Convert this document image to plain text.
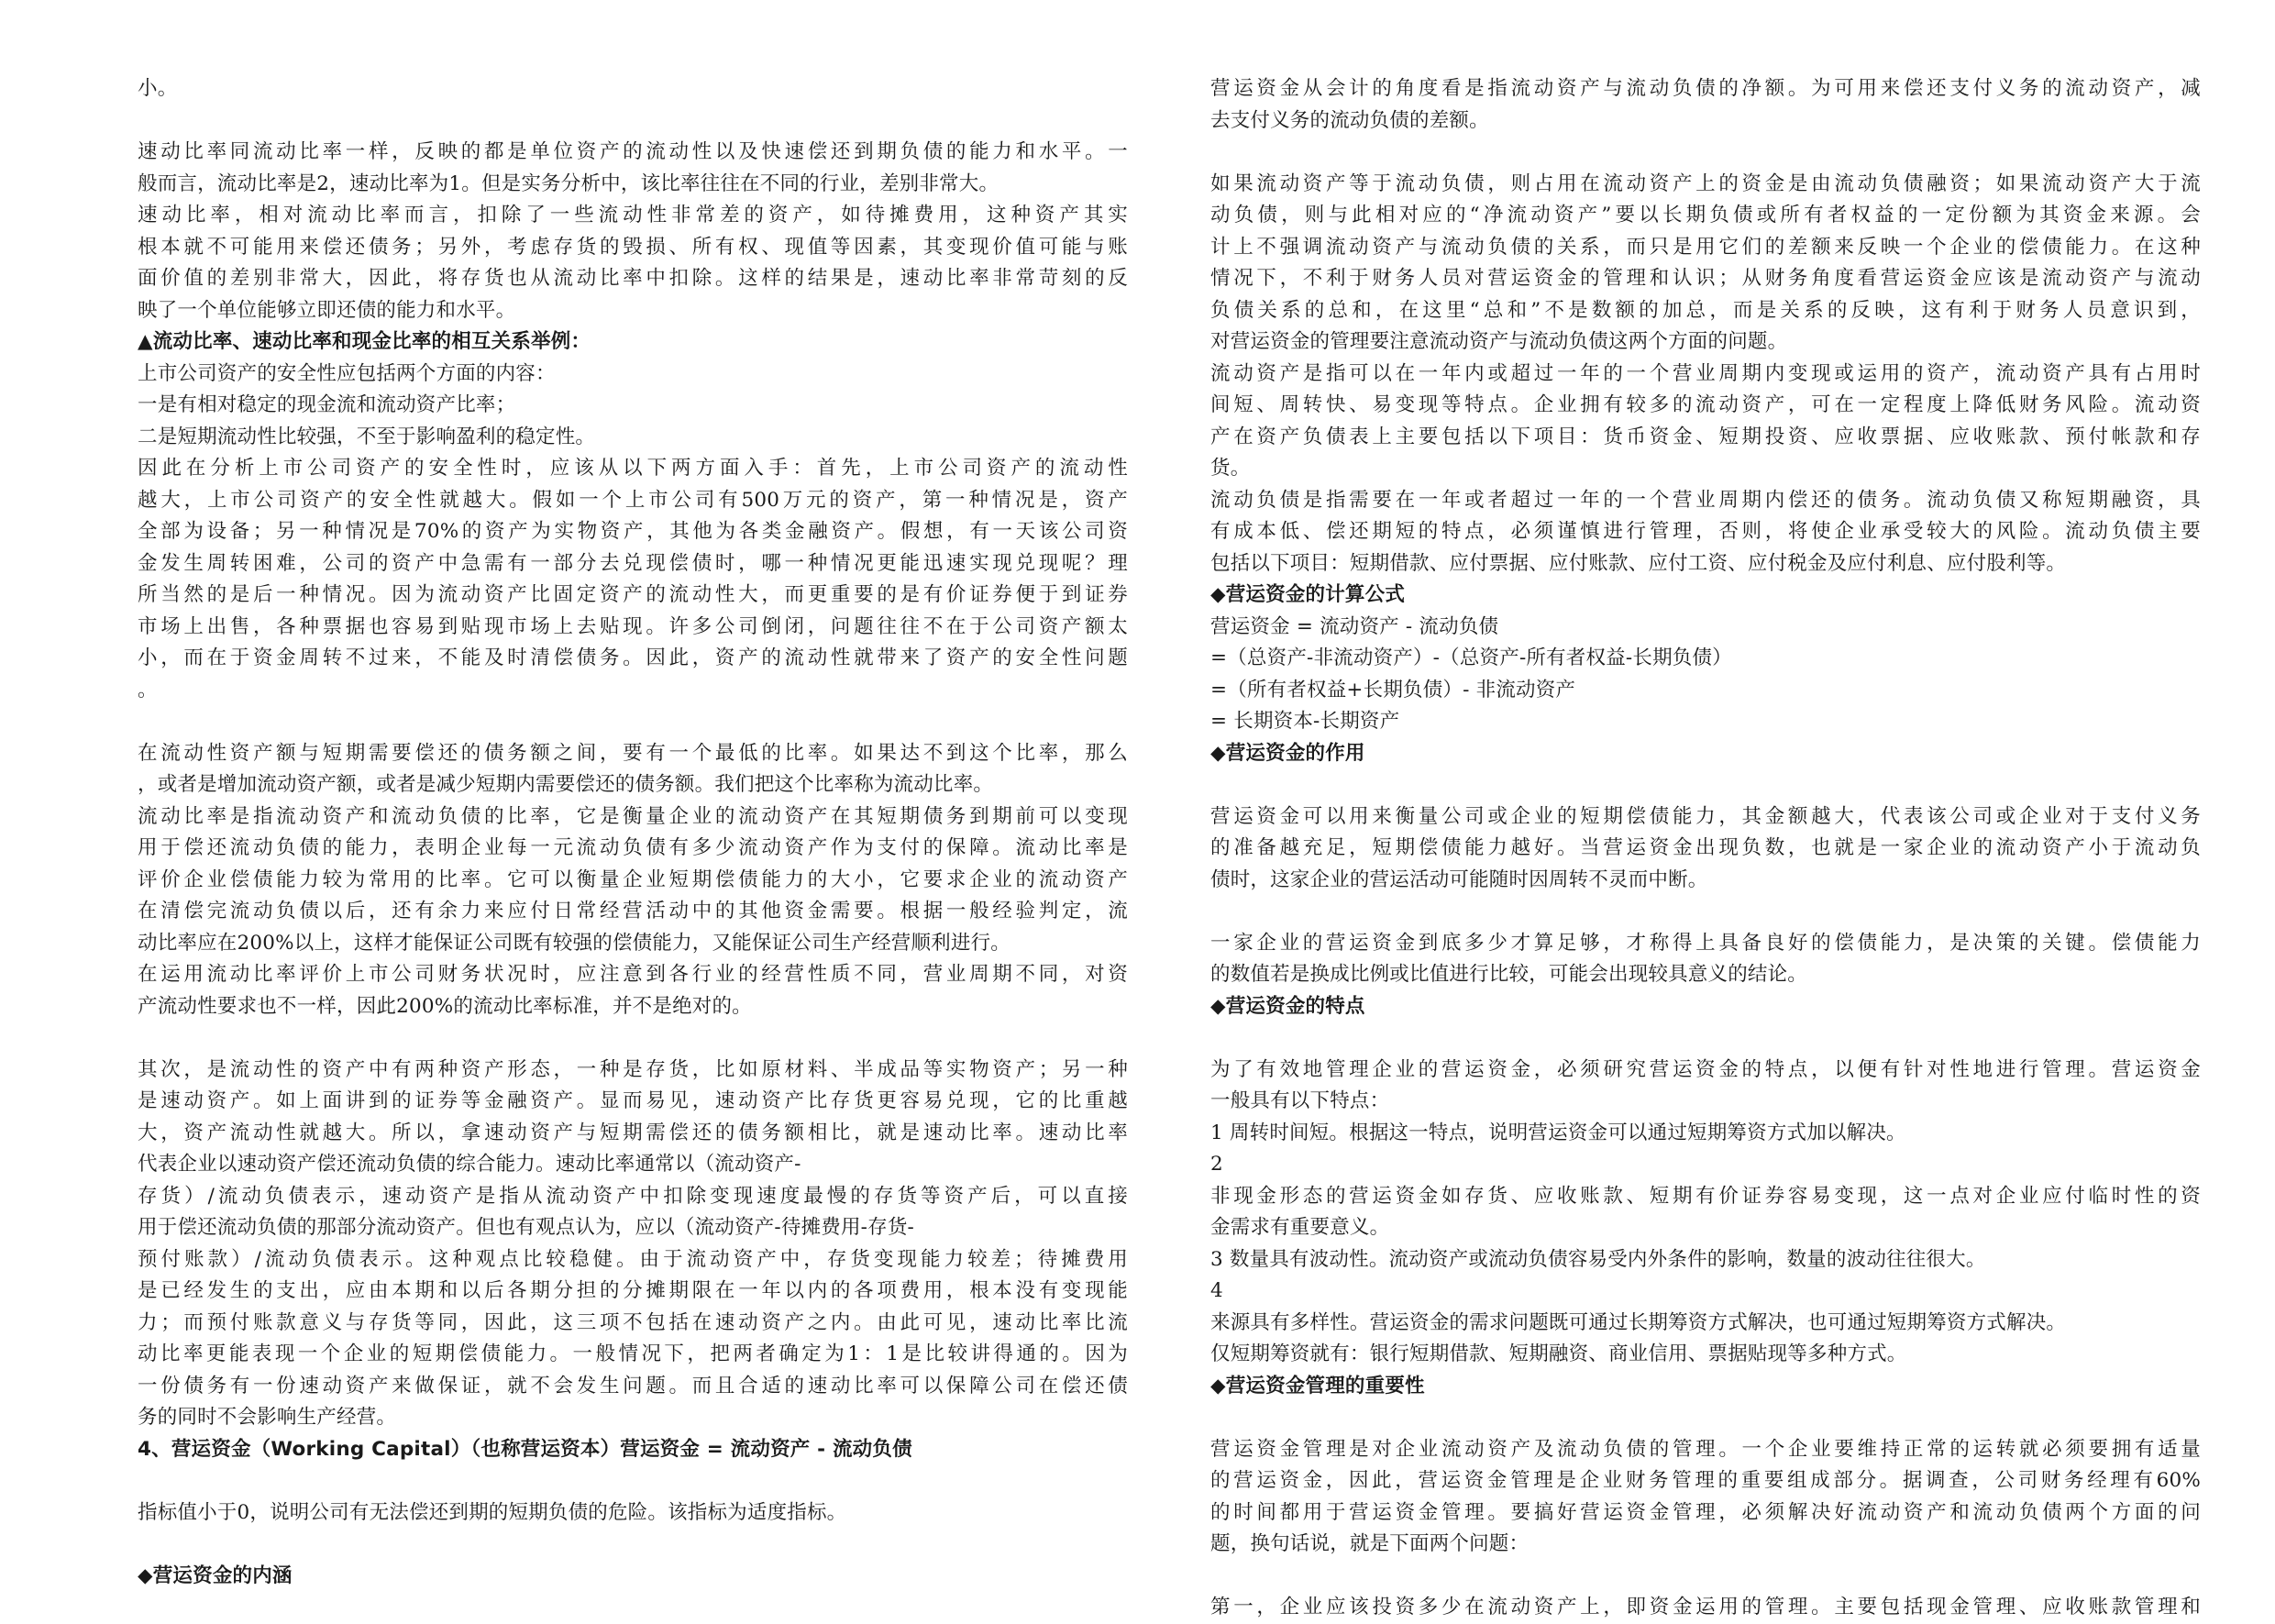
小。
速动比率同流动比率一样，反映的都是单位资产的流动性以及快速偿还到期负债的能力和水平。一
般而言，流动比率是2，速动比率为1。但是实务分析中，该比率往往在不同的行业，差别非常大。
速动比率，相对流动比率而言，扣除了一些流动性非常差的资产，如待摊费用，这种资产其实
根本就不可能用来偿还债务；另外，考虑存货的毁损、所有权、现值等因素，其变现价值可能与账
面价值的差别非常大，因此，将存货也从流动比率中扣除。这样的结果是，速动比率非常苛刻的反
映了一个单位能够立即还债的能力和水平。
▲流动比率、速动比率和现金比率的相互关系举例：
上市公司资产的安全性应包括两个方面的内容：
一是有相对稳定的现金流和流动资产比率；
二是短期流动性比较强，不至于影响盈利的稳定性。
因此在分析上市公司资产的安全性时，应该从以下两方面入手：首先，上市公司资产的流动性
越大，上市公司资产的安全性就越大。假如一个上市公司有500万元的资产，第一种情况是，资产
全部为设备；另一种情况是70%的资产为实物资产，其他为各类金融资产。假想，有一天该公司资
金发生周转困难，公司的资产中急需有一部分去兑现偿债时，哪一种情况更能迅速实现兑现呢？理
所当然的是后一种情况。因为流动资产比固定资产的流动性大，而更重要的是有价证券便于到证券
市场上出售，各种票据也容易到贴现市场上去贴现。许多公司倒闭，问题往往不在于公司资产额太
小，而在于资金周转不过来，不能及时清偿债务。因此，资产的流动性就带来了资产的安全性问题
。
在流动性资产额与短期需要偿还的债务额之间，要有一个最低的比率。如果达不到这个比率，那么
，或者是增加流动资产额，或者是减少短期内需要偿还的债务额。我们把这个比率称为流动比率。
流动比率是指流动资产和流动负债的比率，它是衡量企业的流动资产在其短期债务到期前可以变现
用于偿还流动负债的能力，表明企业每一元流动负债有多少流动资产作为支付的保障。流动比率是
评价企业偿债能力较为常用的比率。它可以衡量企业短期偿债能力的大小，它要求企业的流动资产
在清偿完流动负债以后，还有余力来应付日常经营活动中的其他资金需要。根据一般经验判定，流
动比率应在200%以上，这样才能保证公司既有较强的偿债能力，又能保证公司生产经营顺利进行。
在运用流动比率评价上市公司财务状况时，应注意到各行业的经营性质不同，营业周期不同，对资
产流动性要求也不一样，因此200%的流动比率标准，并不是绝对的。
其次，是流动性的资产中有两种资产形态，一种是存货，比如原材料、半成品等实物资产；另一种
是速动资产。如上面讲到的证券等金融资产。显而易见，速动资产比存货更容易兑现，它的比重越
大，资产流动性就越大。所以，拿速动资产与短期需偿还的债务额相比，就是速动比率。速动比率
代表企业以速动资产偿还流动负债的综合能力。速动比率通常以（流动资产-
存货）/流动负债表示，速动资产是指从流动资产中扣除变现速度最慢的存货等资产后，可以直接
用于偿还流动负债的那部分流动资产。但也有观点认为，应以（流动资产-待摊费用-存货-
预付账款）/流动负债表示。这种观点比较稳健。由于流动资产中，存货变现能力较差；待摊费用
是已经发生的支出，应由本期和以后各期分担的分摊期限在一年以内的各项费用，根本没有变现能
力；而预付账款意义与存货等同，因此，这三项不包括在速动资产之内。由此可见，速动比率比流
动比率更能表现一个企业的短期偿债能力。一般情况下，把两者确定为1：1是比较讲得通的。因为
一份债务有一份速动资产来做保证，就不会发生问题。而且合适的速动比率可以保障公司在偿还债
务的同时不会影响生产经营。
4、营运资金（Working Capital）（也称营运资本）营运资金 = 流动资产 - 流动负债
指标值小于0，说明公司有无法偿还到期的短期负债的危险。该指标为适度指标。
◆营运资金的内涵
营运资金从会计的角度看是指流动资产与流动负债的净额。为可用来偿还支付义务的流动资产，减
去支付义务的流动负债的差额。
如果流动资产等于流动负债，则占用在流动资产上的资金是由流动负债融资；如果流动资产大于流
动负债，则与此相对应的“净流动资产”要以长期负债或所有者权益的一定份额为其资金来源。会
计上不强调流动资产与流动负债的关系，而只是用它们的差额来反映一个企业的偿债能力。在这种
情况下，不利于财务人员对营运资金的管理和认识；从财务角度看营运资金应该是流动资产与流动
负债关系的总和，在这里“总和”不是数额的加总，而是关系的反映，这有利于财务人员意识到，
对营运资金的管理要注意流动资产与流动负债这两个方面的问题。
流动资产是指可以在一年内或超过一年的一个营业周期内变现或运用的资产，流动资产具有占用时
间短、周转快、易变现等特点。企业拥有较多的流动资产，可在一定程度上降低财务风险。流动资
产在资产负债表上主要包括以下项目：货币资金、短期投资、应收票据、应收账款、预付帐款和存
货。
流动负债是指需要在一年或者超过一年的一个营业周期内偿还的债务。流动负债又称短期融资，具
有成本低、偿还期短的特点，必须谨慎进行管理，否则，将使企业承受较大的风险。流动负债主要
包括以下项目：短期借款、应付票据、应付账款、应付工资、应付税金及应付利息、应付股利等。
◆营运资金的计算公式
营运资金 = 流动资产 - 流动负债
=（总资产-非流动资产）-（总资产-所有者权益-长期负债）
=（所有者权益+长期负债）- 非流动资产
= 长期资本-长期资产
◆营运资金的作用
营运资金可以用来衡量公司或企业的短期偿债能力，其金额越大，代表该公司或企业对于支付义务
的准备越充足，短期偿债能力越好。当营运资金出现负数，也就是一家企业的流动资产小于流动负
债时，这家企业的营运活动可能随时因周转不灵而中断。
一家企业的营运资金到底多少才算足够，才称得上具备良好的偿债能力，是决策的关键。偿债能力
的数值若是换成比例或比值进行比较，可能会出现较具意义的结论。
◆营运资金的特点
为了有效地管理企业的营运资金，必须研究营运资金的特点，以便有针对性地进行管理。营运资金
一般具有以下特点：
1 周转时间短。根据这一特点，说明营运资金可以通过短期筹资方式加以解决。
2
非现金形态的营运资金如存货、应收账款、短期有价证券容易变现，这一点对企业应付临时性的资
金需求有重要意义。
3 数量具有波动性。流动资产或流动负债容易受内外条件的影响，数量的波动往往很大。
4
来源具有多样性。营运资金的需求问题既可通过长期筹资方式解决，也可通过短期筹资方式解决。
仅短期筹资就有：银行短期借款、短期融资、商业信用、票据贴现等多种方式。
◆营运资金管理的重要性
营运资金管理是对企业流动资产及流动负债的管理。一个企业要维持正常的运转就必须要拥有适量
的营运资金，因此，营运资金管理是企业财务管理的重要组成部分。据调查，公司财务经理有60%
的时间都用于营运资金管理。要搞好营运资金管理，必须解决好流动资产和流动负债两个方面的问
题，换句话说，就是下面两个问题：
第一，企业应该投资多少在流动资产上，即资金运用的管理。主要包括现金管理、应收账款管理和
